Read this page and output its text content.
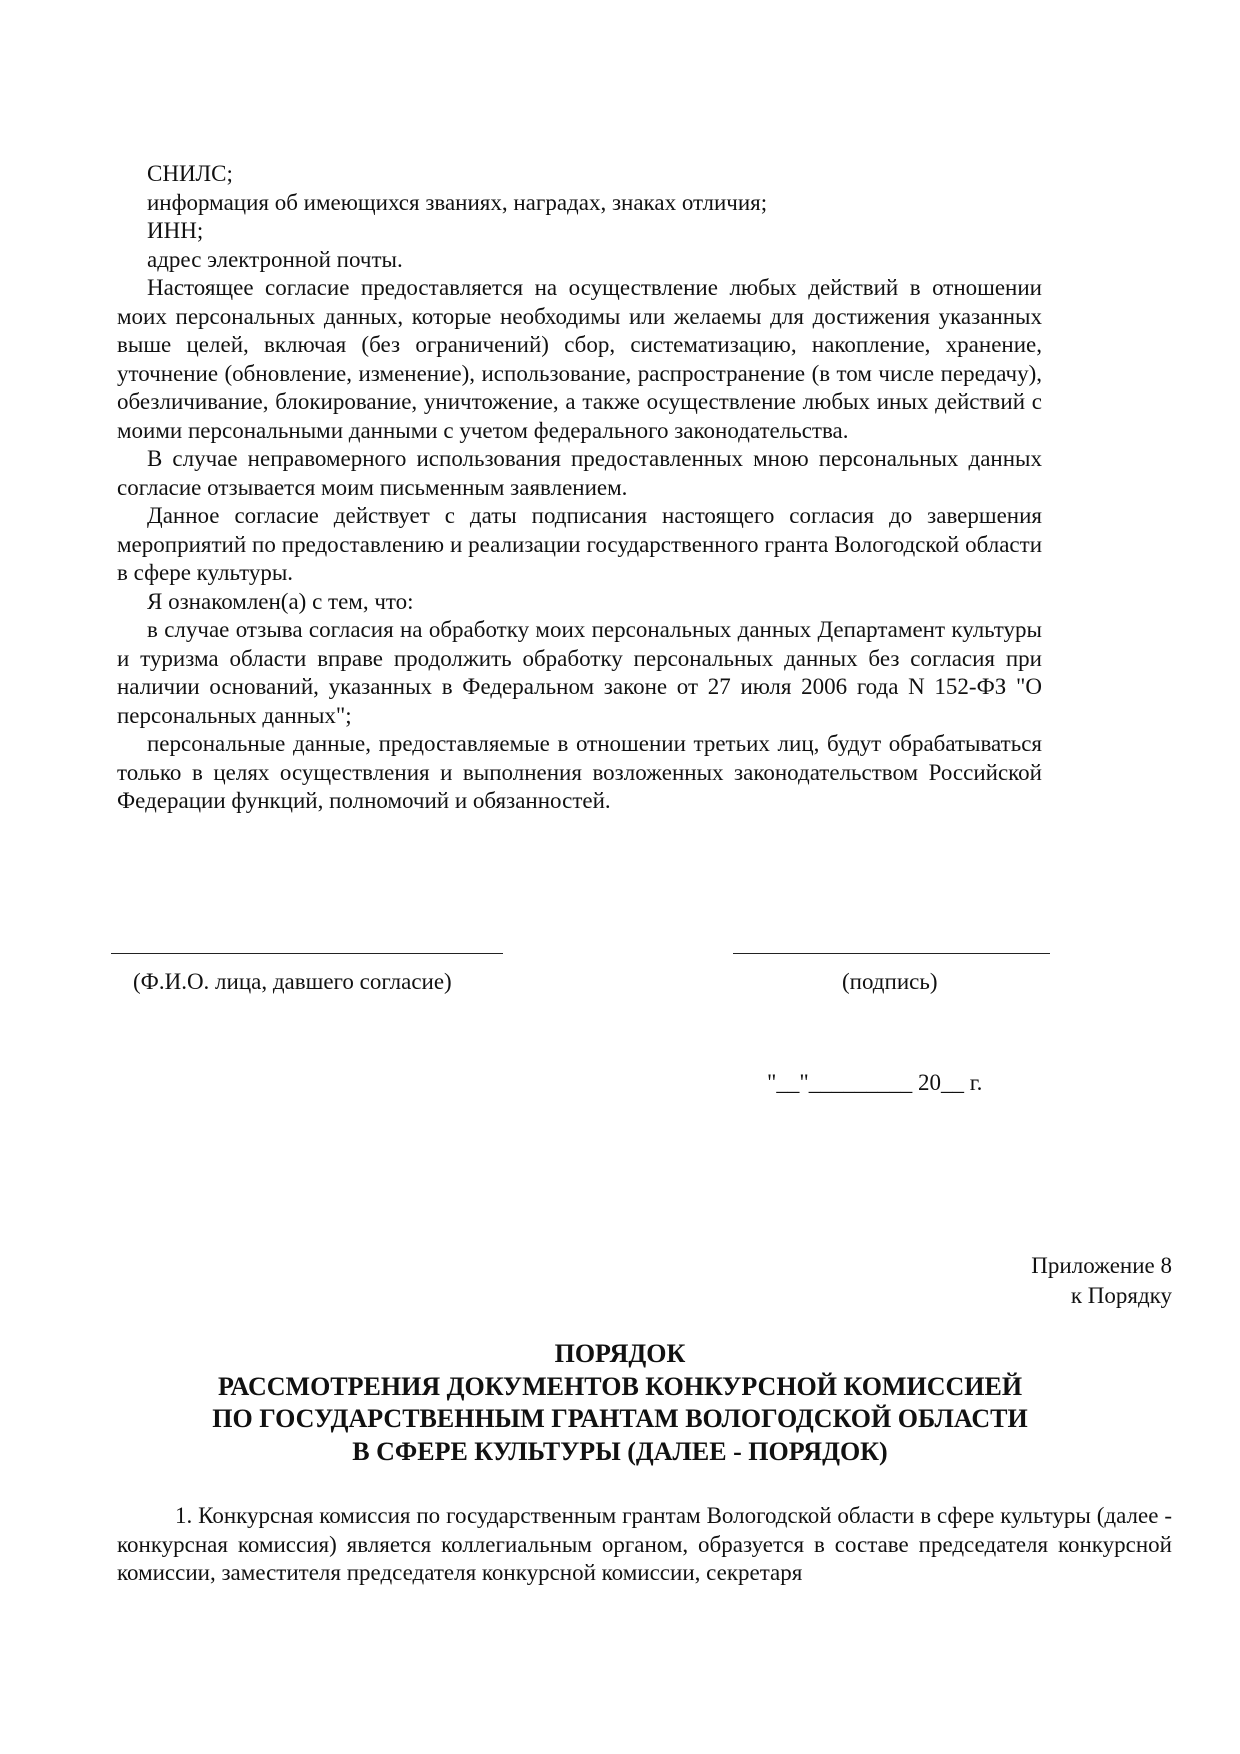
СНИЛС;

информация об имеющихся званиях, наградах, знаках отличия;

ИНН;

адрес электронной почты.

Настоящее согласие предоставляется на осуществление любых действий в отношении моих персональных данных, которые необходимы или желаемы для достижения указанных выше целей, включая (без ограничений) сбор, систематизацию, накопление, хранение, уточнение (обновление, изменение), использование, распространение (в том числе передачу), обезличивание, блокирование, уничтожение, а также осуществление любых иных действий с моими персональными данными с учетом федерального законодательства.

В случае неправомерного использования предоставленных мною персональных данных согласие отзывается моим письменным заявлением.

Данное согласие действует с даты подписания настоящего согласия до завершения мероприятий по предоставлению и реализации государственного гранта Вологодской области в сфере культуры.

Я ознакомлен(а) с тем, что:

в случае отзыва согласия на обработку моих персональных данных Департамент культуры и туризма области вправе продолжить обработку персональных данных без согласия при наличии оснований, указанных в Федеральном законе от 27 июля 2006 года N 152-ФЗ "О персональных данных";

персональные данные, предоставляемые в отношении третьих лиц, будут обрабатываться только в целях осуществления и выполнения возложенных законодательством Российской Федерации функций, полномочий и обязанностей.

(Ф.И.О. лица, давшего согласие)	(подпись)
"__"_________ 20__ г.
Приложение 8
к Порядку
ПОРЯДОК
РАССМОТРЕНИЯ ДОКУМЕНТОВ КОНКУРСНОЙ КОМИССИЕЙ
ПО ГОСУДАРСТВЕННЫМ ГРАНТАМ ВОЛОГОДСКОЙ ОБЛАСТИ
В СФЕРЕ КУЛЬТУРЫ (ДАЛЕЕ - ПОРЯДОК)

1. Конкурсная комиссия по государственным грантам Вологодской области в сфере культуры (далее - конкурсная комиссия) является коллегиальным органом, образуется в составе председателя конкурсной комиссии, заместителя председателя конкурсной комиссии, секретаря
